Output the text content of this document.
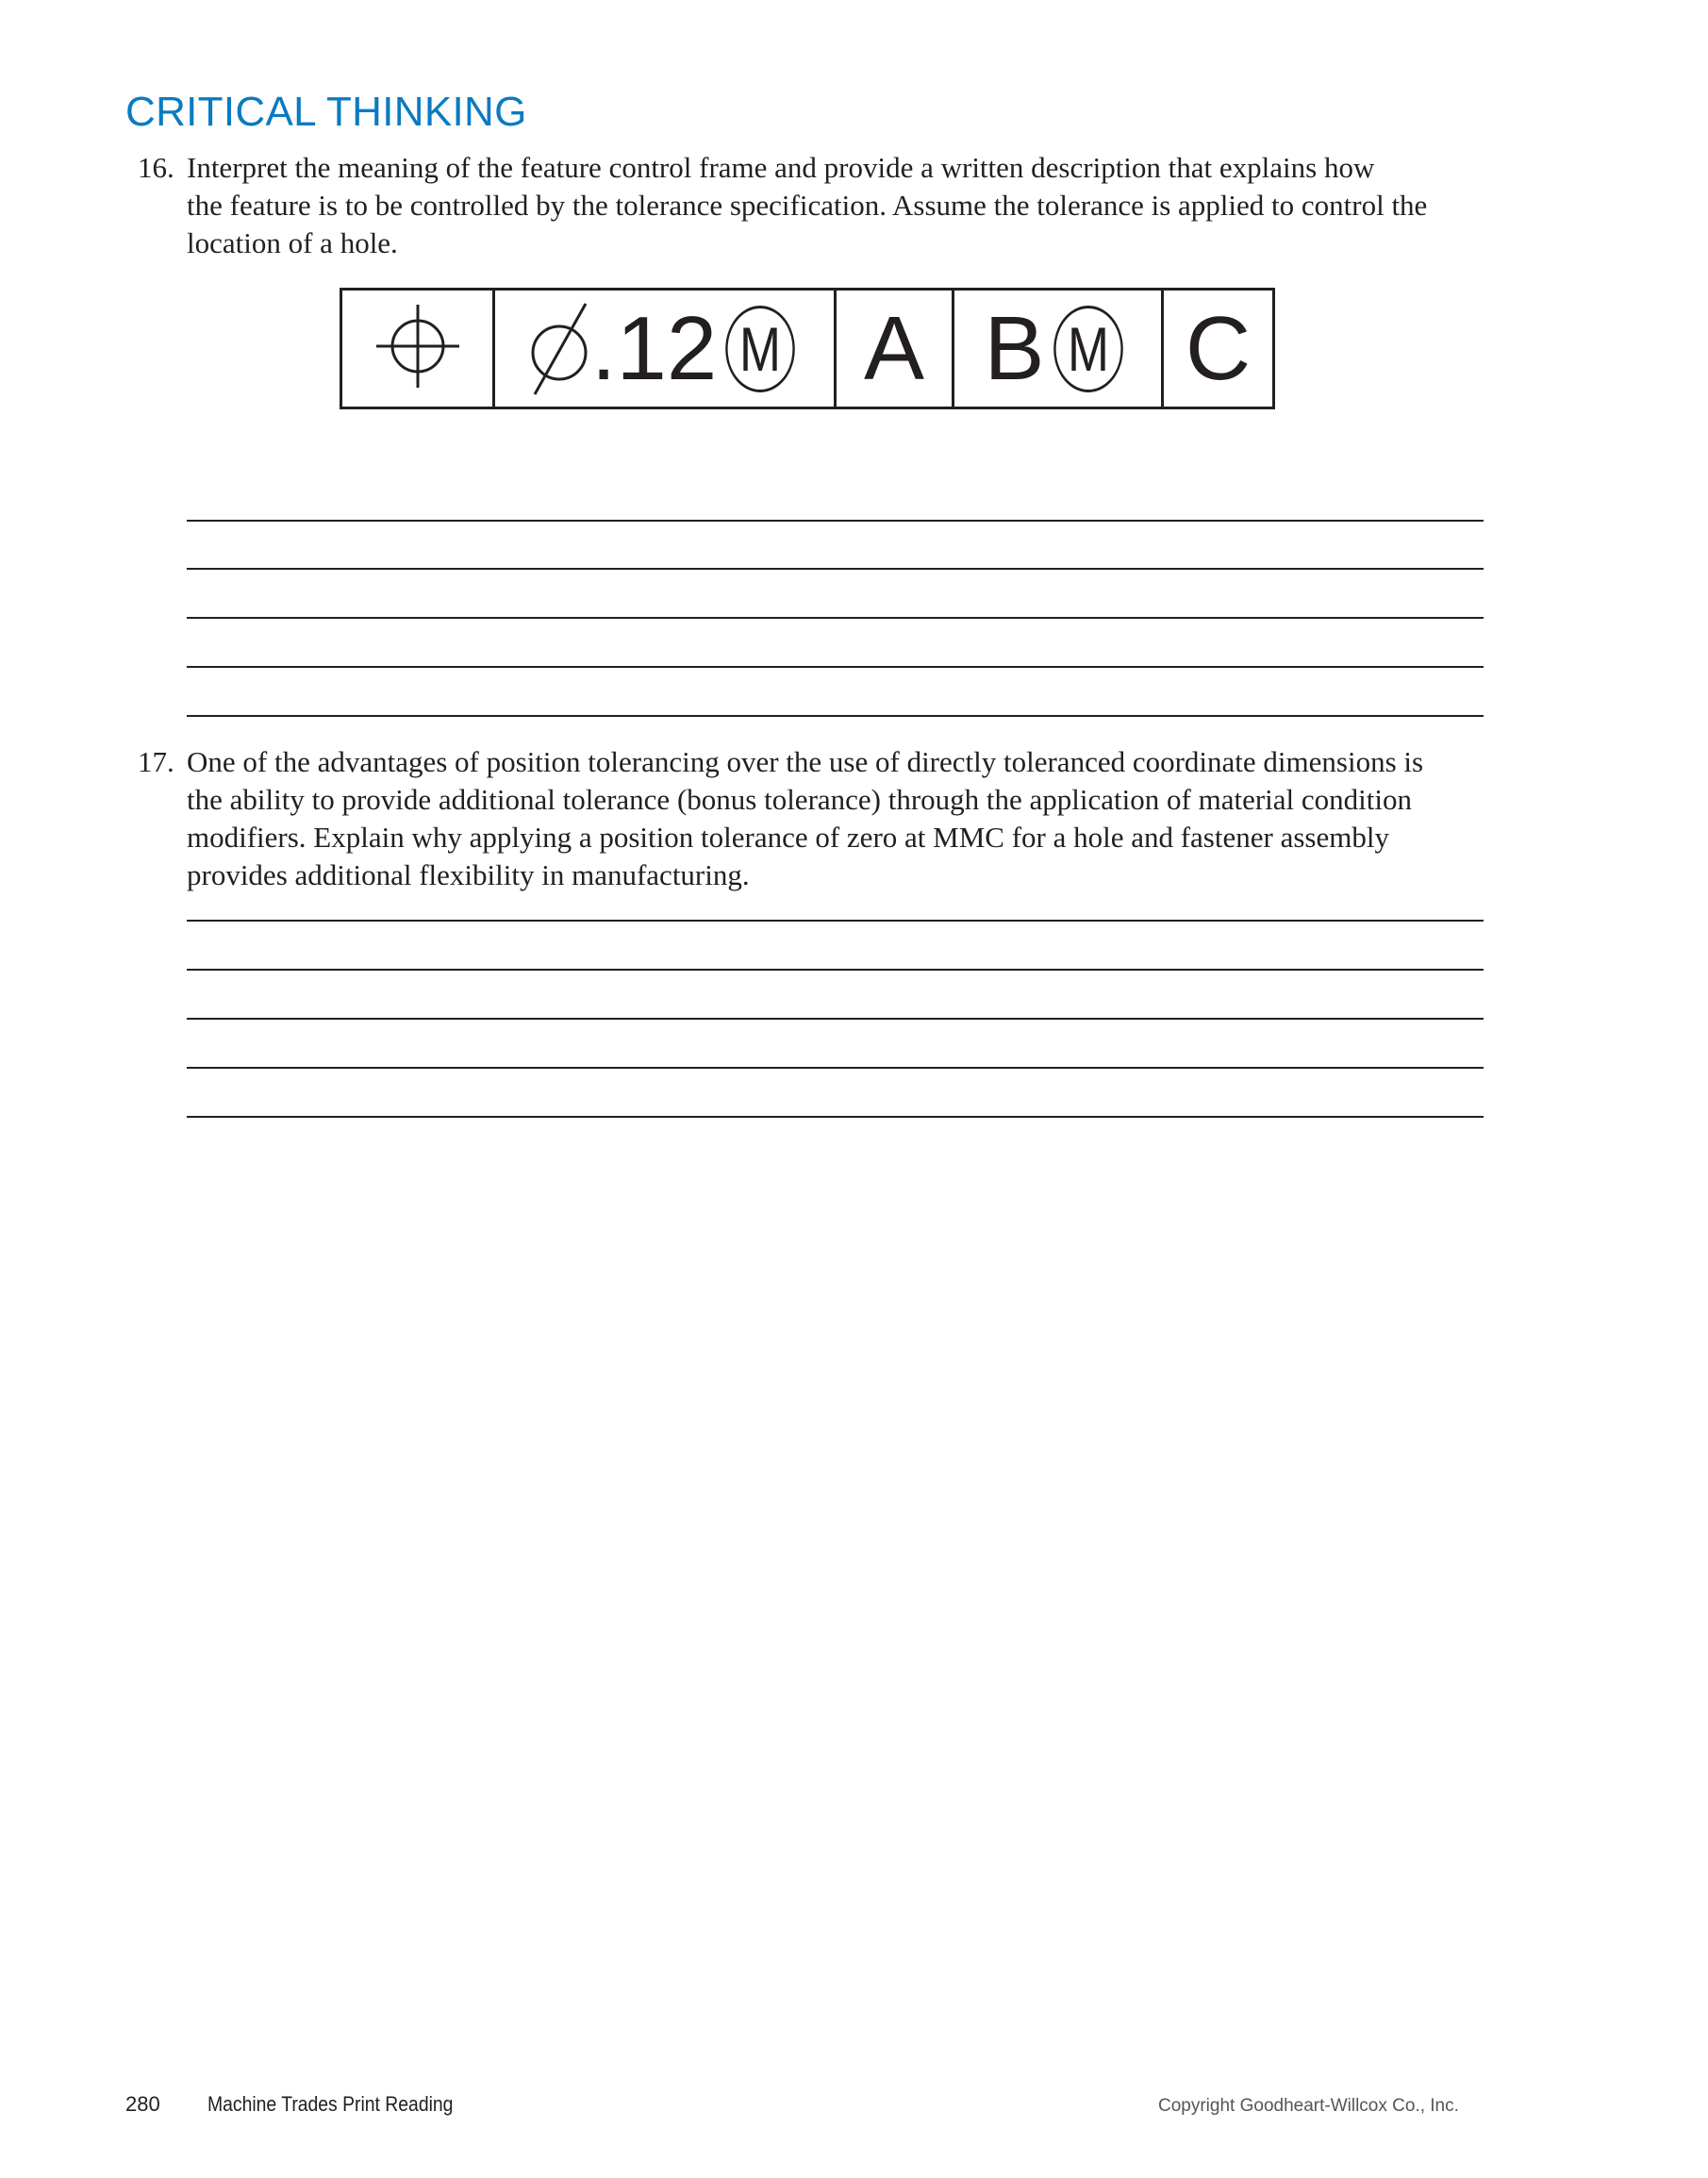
CRITICAL THINKING
16. Interpret the meaning of the feature control frame and provide a written description that explains how
the feature is to be controlled by the tolerance specification. Assume the tolerance is applied to control the
location of a hole.
.12 M A B M C
17. One of the advantages of position tolerancing over the use of directly toleranced coordinate dimensions is
the ability to provide additional tolerance (bonus tolerance) through the application of material condition
modifiers. Explain why applying a position tolerance of zero at MMC for a hole and fastener assembly
provides additional flexibility in manufacturing.
280 Machine Trades Print Reading	Copyright Goodheart-Willcox Co., Inc.
